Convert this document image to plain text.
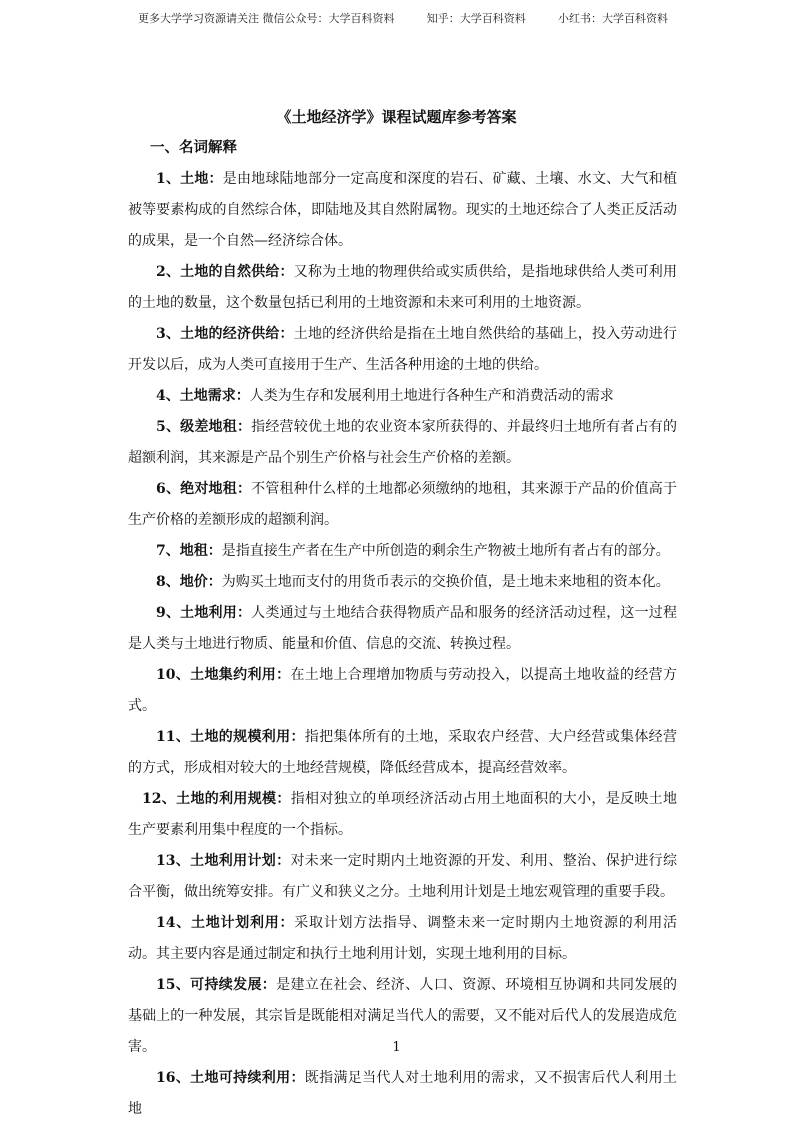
更多大学学习资源请关注 微信公众号：大学百科资料	知乎：大学百科资料	小红书：大学百科资料
《土地经济学》课程试题库参考答案
一、名词解释

1、土地：是由地球陆地部分一定高度和深度的岩石、矿藏、土壤、水文、大气和植被等要素构成的自然综合体，即陆地及其自然附属物。现实的土地还综合了人类正反活动的成果，是一个自然—经济综合体。

2、土地的自然供给：又称为土地的物理供给或实质供给，是指地球供给人类可利用的土地的数量，这个数量包括已利用的土地资源和未来可利用的土地资源。

3、土地的经济供给：土地的经济供给是指在土地自然供给的基础上，投入劳动进行开发以后，成为人类可直接用于生产、生活各种用途的土地的供给。

4、土地需求：人类为生存和发展利用土地进行各种生产和消费活动的需求

5、级差地租：指经营较优土地的农业资本家所获得的、并最终归土地所有者占有的超额利润，其来源是产品个别生产价格与社会生产价格的差额。

6、绝对地租：不管租种什么样的土地都必须缴纳的地租，其来源于产品的价值高于生产价格的差额形成的超额利润。

7、地租：是指直接生产者在生产中所创造的剩余生产物被土地所有者占有的部分。

8、地价：为购买土地而支付的用货币表示的交换价值，是土地未来地租的资本化。

9、土地利用：人类通过与土地结合获得物质产品和服务的经济活动过程，这一过程是人类与土地进行物质、能量和价值、信息的交流、转换过程。

10、土地集约利用：在土地上合理增加物质与劳动投入，以提高土地收益的经营方式。

11、土地的规模利用：指把集体所有的土地，采取农户经营、大户经营或集体经营的方式，形成相对较大的土地经营规模，降低经营成本，提高经营效率。

12、土地的利用规模：指相对独立的单项经济活动占用土地面积的大小，是反映土地生产要素利用集中程度的一个指标。

13、土地利用计划：对未来一定时期内土地资源的开发、利用、整治、保护进行综合平衡，做出统筹安排。有广义和狭义之分。土地利用计划是土地宏观管理的重要手段。

14、土地计划利用：采取计划方法指导、调整未来一定时期内土地资源的利用活动。其主要内容是通过制定和执行土地利用计划，实现土地利用的目标。

15、可持续发展：是建立在社会、经济、人口、资源、环境相互协调和共同发展的基础上的一种发展，其宗旨是既能相对满足当代人的需要，又不能对后代人的发展造成危害。

16、土地可持续利用：既指满足当代人对土地利用的需求，又不损害后代人利用土地

1
